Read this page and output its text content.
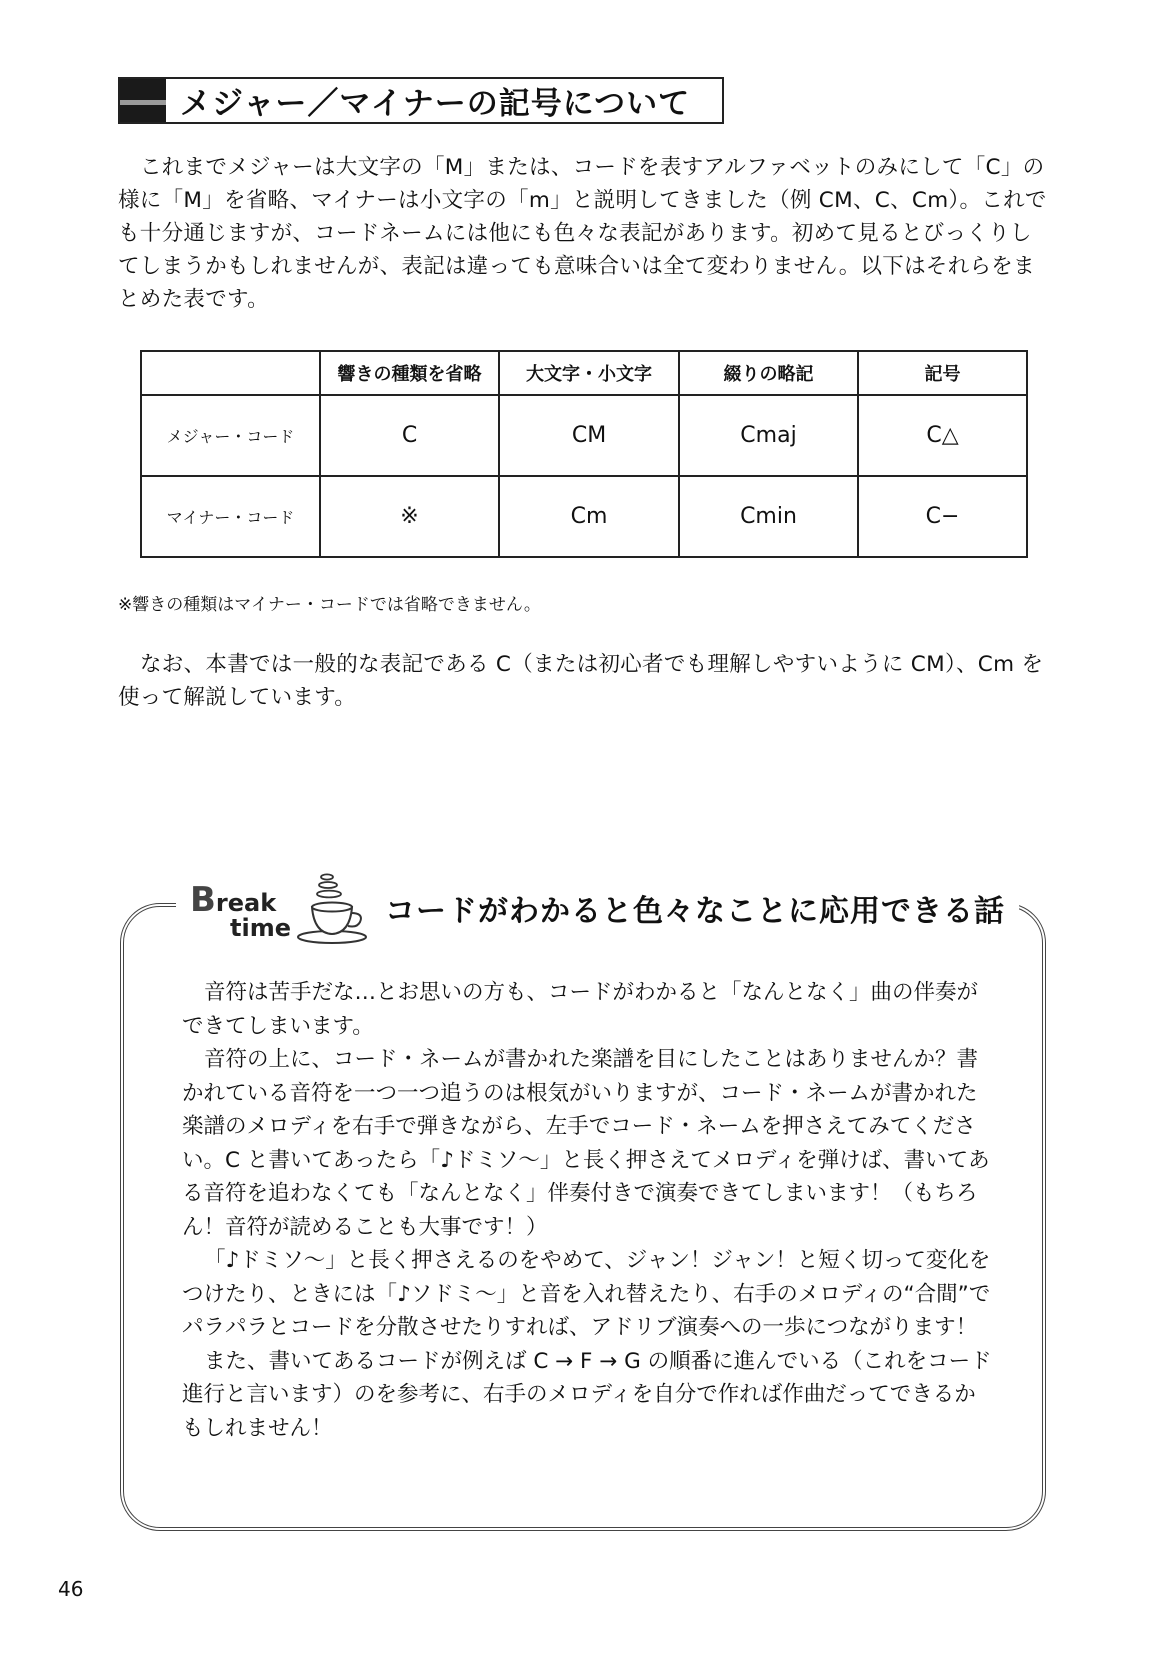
メジャー／マイナーの記号について

これまでメジャーは大文字の「M」または、コードを表すアルファベットのみにして「C」の様に「M」を省略、マイナーは小文字の「m」と説明してきました（例 CM、C、Cm）。これでも十分通じますが、コードネームには他にも色々な表記があります。初めて見るとびっくりしてしまうかもしれませんが、表記は違っても意味合いは全て変わりません。以下はそれらをまとめた表です。

	響きの種類を省略	大文字・小文字	綴りの略記	記号
メジャー・コード	C	CM	Cmaj	C△
マイナー・コード	※	Cm	Cmin	C−

※響きの種類はマイナー・コードでは省略できません。

なお、本書では一般的な表記である C（または初心者でも理解しやすいように CM）、Cm を使って解説しています。

Break
time	コードがわかると色々なことに応用できる話

音符は苦手だな…とお思いの方も、コードがわかると「なんとなく」曲の伴奏ができてしまいます。

音符の上に、コード・ネームが書かれた楽譜を目にしたことはありませんか？書かれている音符を一つ一つ追うのは根気がいりますが、コード・ネームが書かれた楽譜のメロディを右手で弾きながら、左手でコード・ネームを押さえてみてください。C と書いてあったら「♪ドミソ〜」と長く押さえてメロディを弾けば、書いてある音符を追わなくても「なんとなく」伴奏付きで演奏できてしまいます！（もちろん！音符が読めることも大事です！）

「♪ドミソ〜」と長く押さえるのをやめて、ジャン！ジャン！と短く切って変化をつけたり、ときには「♪ソドミ〜」と音を入れ替えたり、右手のメロディの“合間”でパラパラとコードを分散させたりすれば、アドリブ演奏への一歩につながります！

また、書いてあるコードが例えば C → F → G の順番に進んでいる（これをコード進行と言います）のを参考に、右手のメロディを自分で作れば作曲だってできるかもしれません！

46
